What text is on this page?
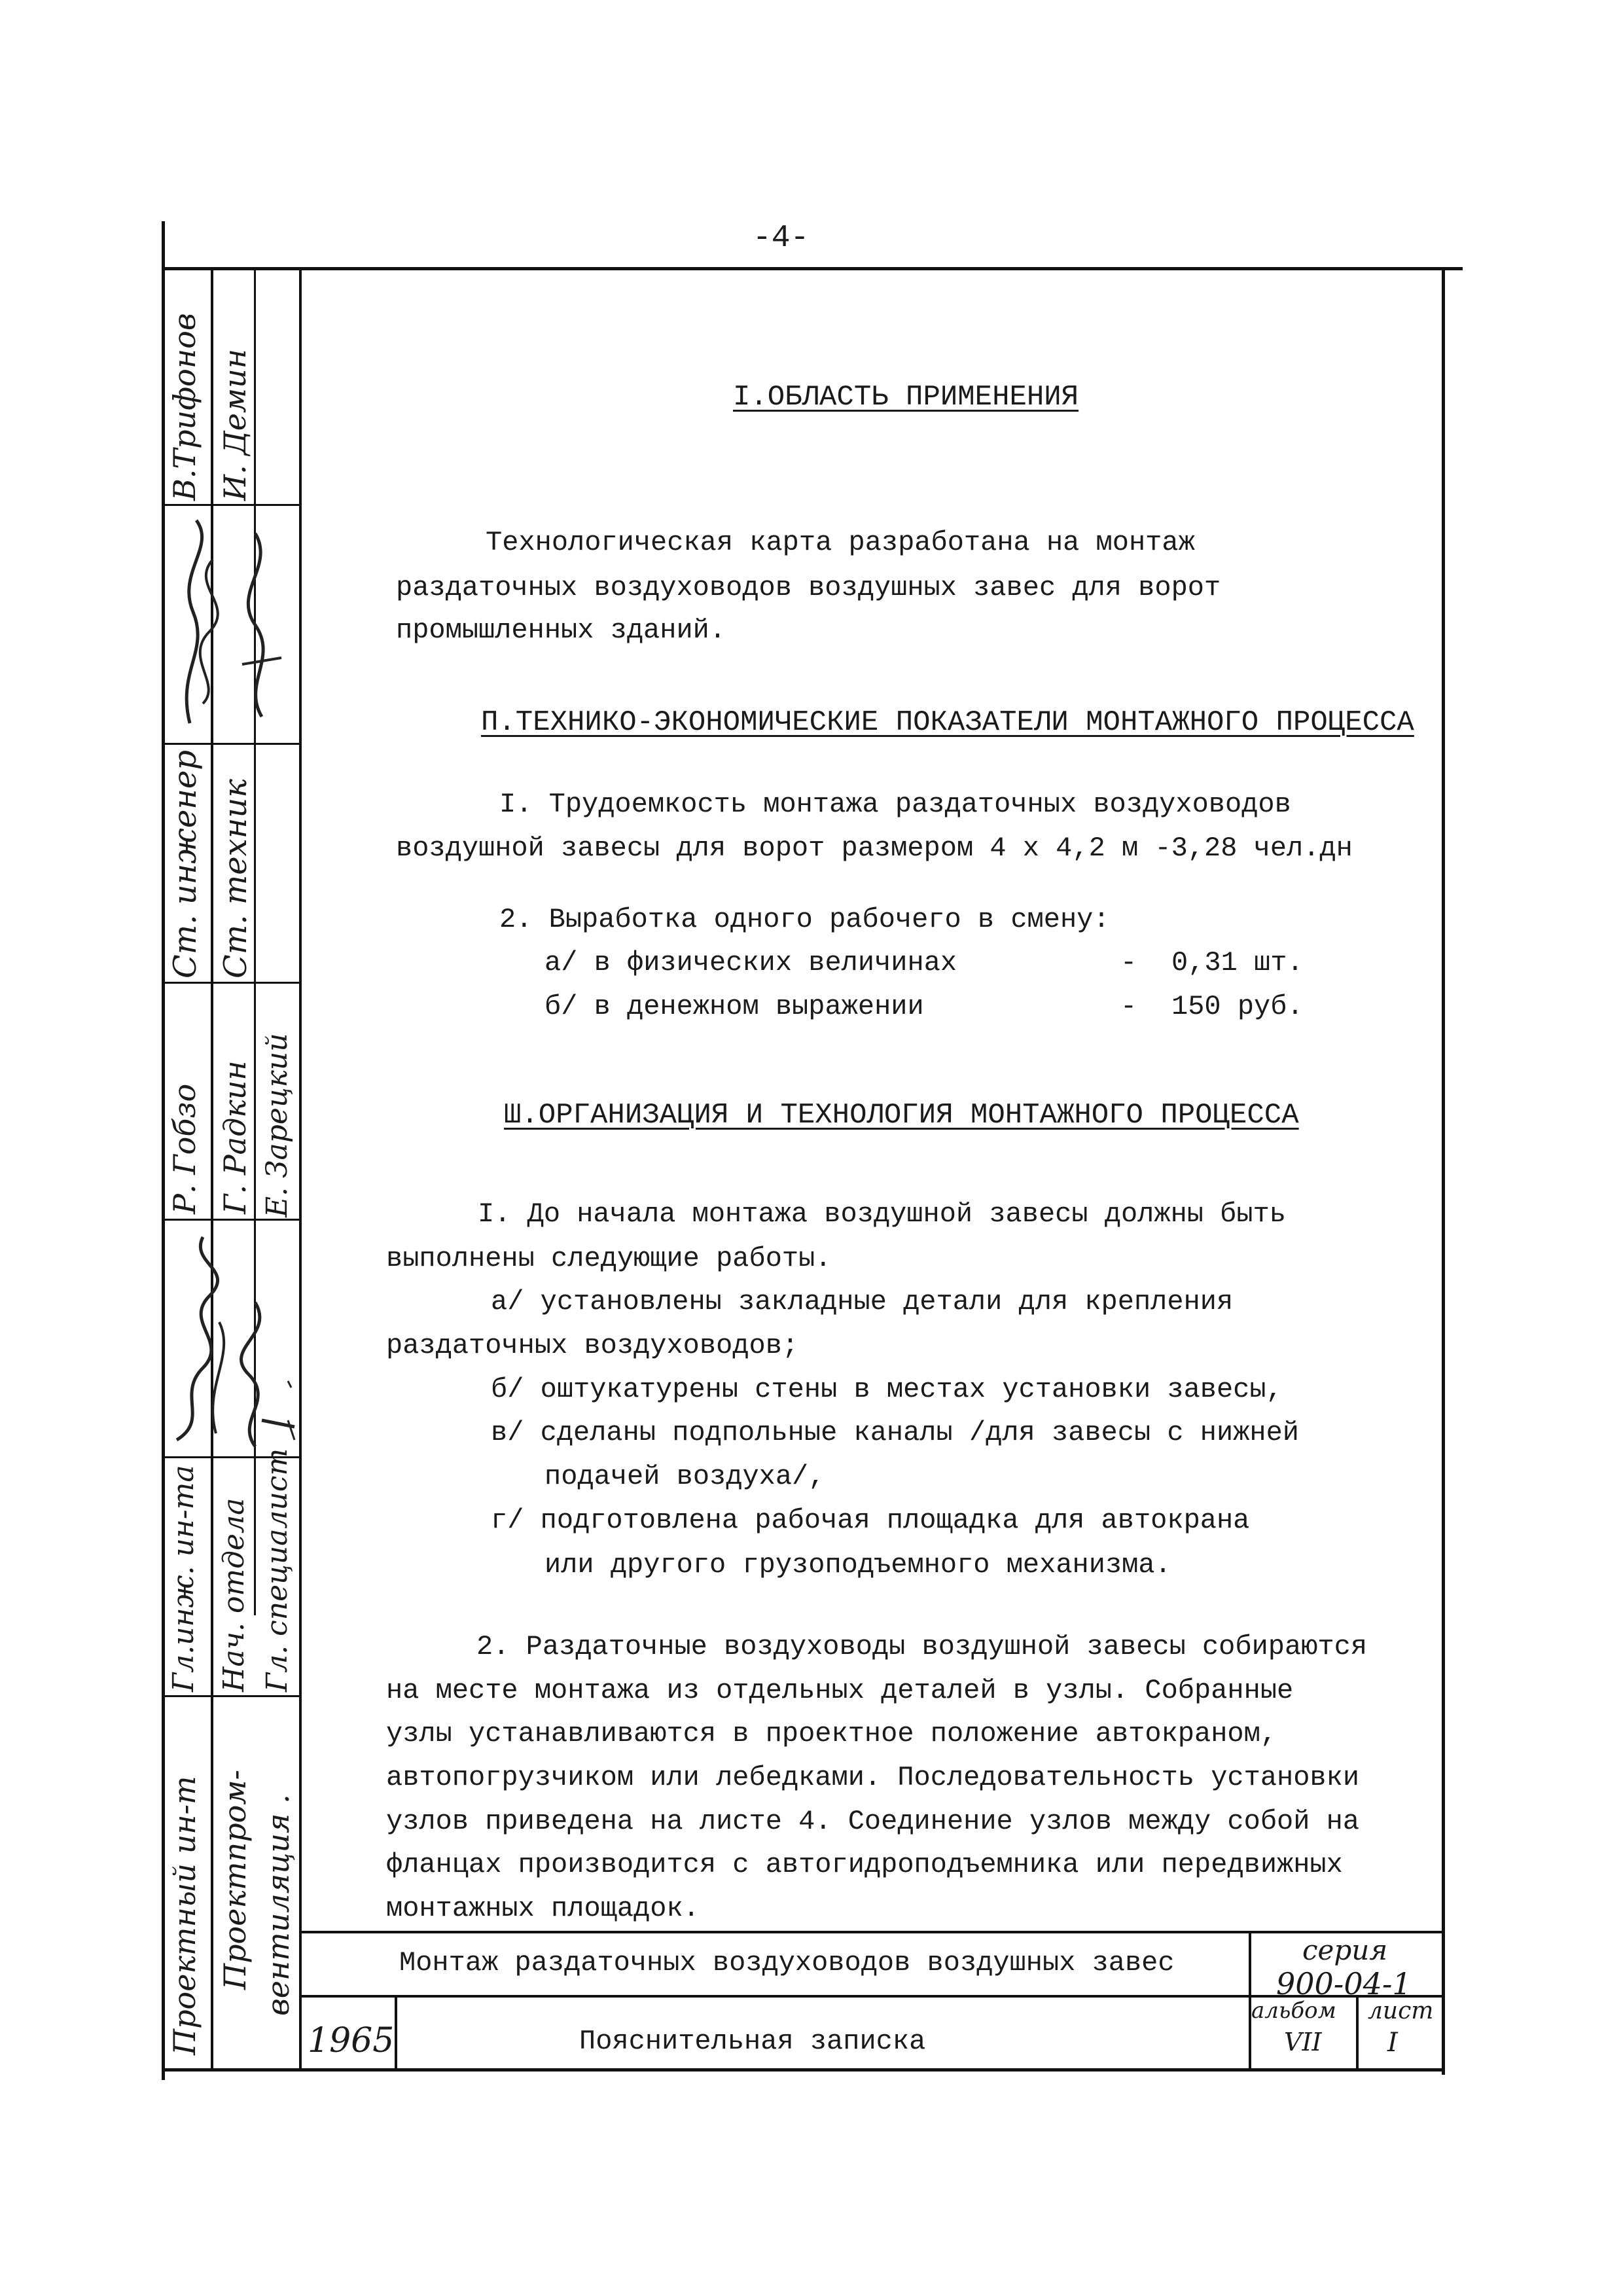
-4-
Проектный ин-т Проектпром- вентиляция .
Гл.инж. ин-та Нач. отдела Гл. специалист
Ст. инженер Ст. техник
В.Трифонов И. Демин
Р. Гобзо Г. Радкин Е. Зарецкий
I.ОБЛАСТЬ ПРИМЕНЕНИЯ
Технологическая карта разработана на монтаж
раздаточных воздуховодов воздушных завес для ворот
промышленных зданий.
П.ТЕХНИКО-ЭКОНОМИЧЕСКИЕ ПОКАЗАТЕЛИ МОНТАЖНОГО ПРОЦЕССА
I. Трудоемкость монтажа раздаточных воздуховодов
воздушной завесы для ворот размером 4 х 4,2 м -3,28 чел.дн
2. Выработка одного рабочего в смену:
а/ в физических величинах	- 0,31 шт.
б/ в денежном выражении	- 150 руб.
Ш.ОРГАНИЗАЦИЯ И ТЕХНОЛОГИЯ МОНТАЖНОГО ПРОЦЕССА
I. До начала монтажа воздушной завесы должны быть
выполнены следующие работы.
а/ установлены закладные детали для крепления
раздаточных воздуховодов;
б/ оштукатурены стены в местах установки завесы,
в/ сделаны подпольные каналы /для завесы с нижней
подачей воздуха/,
г/ подготовлена рабочая площадка для автокрана
или другого грузоподъемного механизма.
2. Раздаточные воздуховоды воздушной завесы собираются
на месте монтажа из отдельных деталей в узлы. Собранные
узлы устанавливаются в проектное положение автокраном,
автопогрузчиком или лебедками. Последовательность установки
узлов приведена на листе 4. Соединение узлов между собой на
фланцах производится с автогидроподъемника или передвижных
монтажных площадок.
Монтаж раздаточных воздуховодов воздушных завес
Пояснительная записка
1965
серия
900-04-1
альбом
VII
лист
I
